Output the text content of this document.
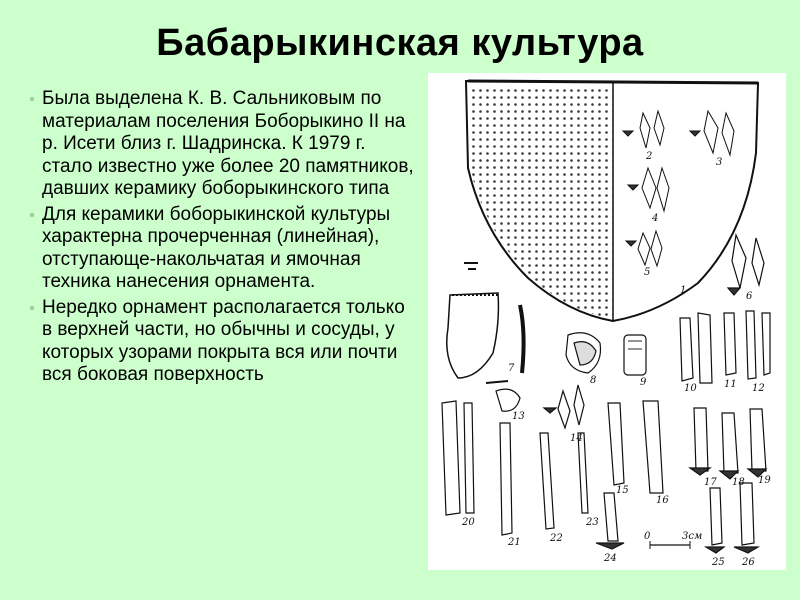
Бабарыкинская культура

Была выделена К. В. Сальниковым по материалам поселения Боборыкино II на р. Исети близ г. Шадринска. К 1979 г. стало известно уже более 20 памятников, давших керамику боборыкинского типа

Для керамики боборыкинской культуры характерна прочерченная (линейная), отступающе-накольчатая и ямочная техника нанесения орнамента.

Нередко орнамент располагается только в верхней части, но обычны и сосуды, у которых узорами покрыта вся или почти вся боковая поверхность

0	3см
1
2
3
4
5
6
7
8	9
10	11 12
13
14
15
16
17 18 19
20
21	22
23
24	25 26
